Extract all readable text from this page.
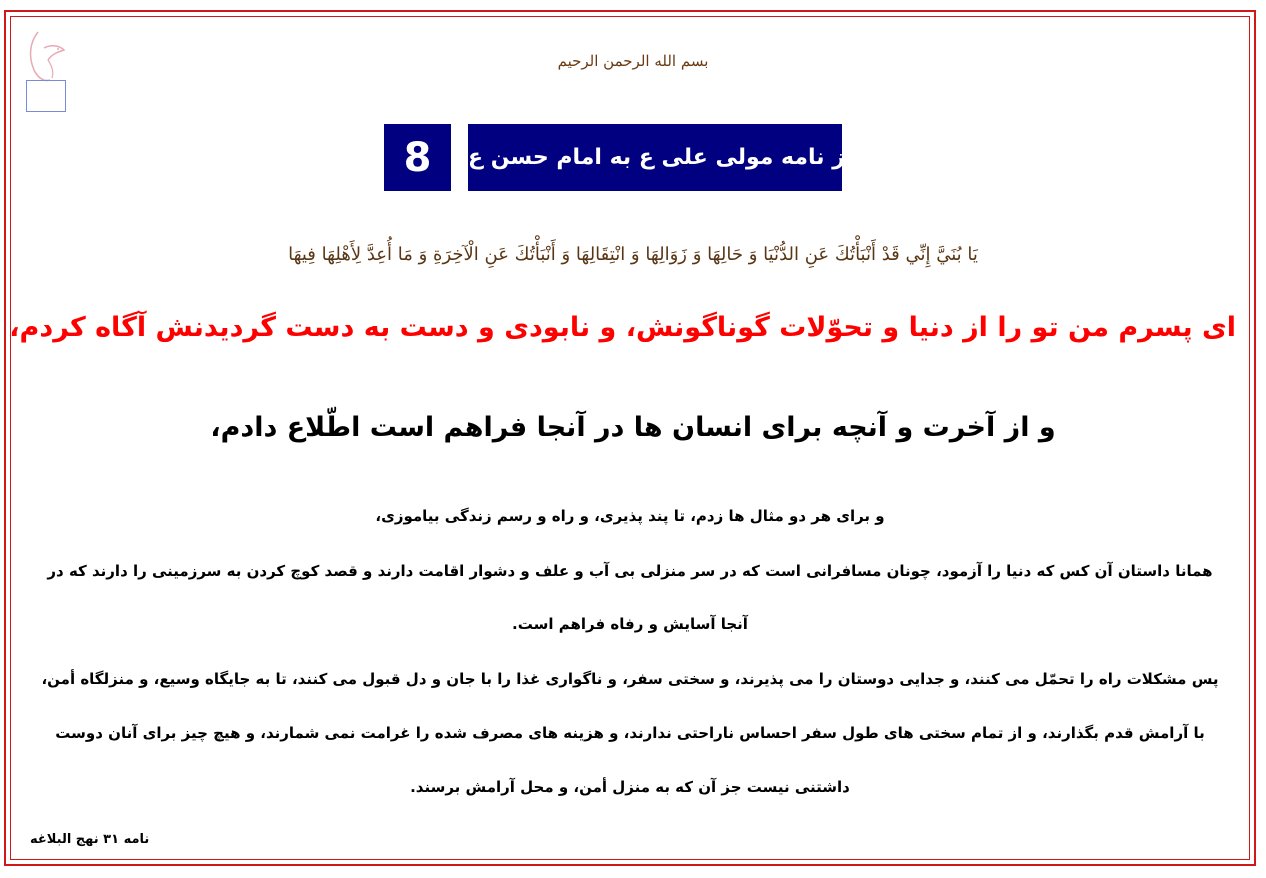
بسم الله الرحمن الرحيم
از نامه مولی علی ع به امام حسن ع
8
يَا بُنَيَّ إِنِّي قَدْ أَنْبَأْتُكَ عَنِ الدُّنْيَا وَ حَالِهَا وَ زَوَالِهَا وَ انْتِقَالِهَا وَ أَنْبَأْتُكَ عَنِ الْآخِرَةِ وَ مَا أُعِدَّ لِأَهْلِهَا فِيهَا
ای پسرم من تو را از دنیا و تحوّلات گوناگونش، و نابودی و دست به دست گردیدنش آگاه کردم،
و از آخرت و آنچه برای انسان ها در آنجا فراهم است اطّلاع دادم،
و برای هر دو مثال ها زدم، تا پند پذیری، و راه و رسم زندگی بیاموزی،
همانا داستان آن کس که دنیا را آزمود، چونان مسافرانی است که در سر منزلی بی آب و علف و دشوار اقامت دارند و قصد کوچ کردن به سرزمینی را دارند که در
آنجا آسایش و رفاه فراهم است.
پس مشکلات راه را تحمّل می کنند، و جدایی دوستان را می پذیرند، و سختی سفر، و ناگواری غذا را با جان و دل قبول می کنند، تا به جایگاه وسیع، و منزلگاه أمن،
با آرامش قدم بگذارند، و از تمام سختی های طول سفر احساس ناراحتی ندارند، و هزینه های مصرف شده را غرامت نمی شمارند، و هیچ چیز برای آنان دوست
داشتنی نیست جز آن که به منزل أمن، و محل آرامش برسند.
نامه ۳۱ نهج البلاغه
